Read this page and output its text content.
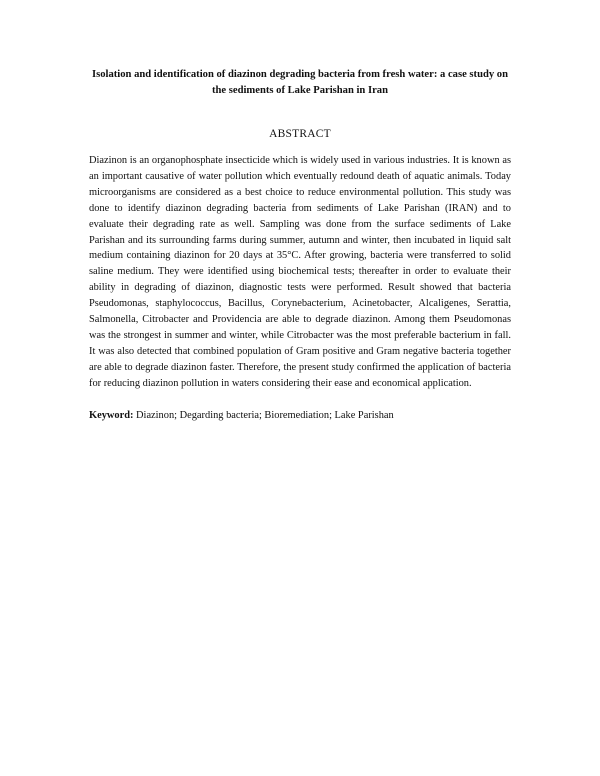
Isolation and identification of diazinon degrading bacteria from fresh water: a case study on the sediments of Lake Parishan in Iran
ABSTRACT

Diazinon is an organophosphate insecticide which is widely used in various industries. It is known as an important causative of water pollution which eventually redound death of aquatic animals. Today microorganisms are considered as a best choice to reduce environmental pollution. This study was done to identify diazinon degrading bacteria from sediments of Lake Parishan (IRAN) and to evaluate their degrading rate as well. Sampling was done from the surface sediments of Lake Parishan and its surrounding farms during summer, autumn and winter, then incubated in liquid salt medium containing diazinon for 20 days at 35°C. After growing, bacteria were transferred to solid saline medium. They were identified using biochemical tests; thereafter in order to evaluate their ability in degrading of diazinon, diagnostic tests were performed. Result showed that bacteria Pseudomonas, staphylococcus, Bacillus, Corynebacterium, Acinetobacter, Alcaligenes, Serattia, Salmonella, Citrobacter and Providencia are able to degrade diazinon. Among them Pseudomonas was the strongest in summer and winter, while Citrobacter was the most preferable bacterium in fall. It was also detected that combined population of Gram positive and Gram negative bacteria together are able to degrade diazinon faster. Therefore, the present study confirmed the application of bacteria for reducing diazinon pollution in waters considering their ease and economical application.

Keyword: Diazinon; Degarding bacteria; Bioremediation; Lake Parishan
